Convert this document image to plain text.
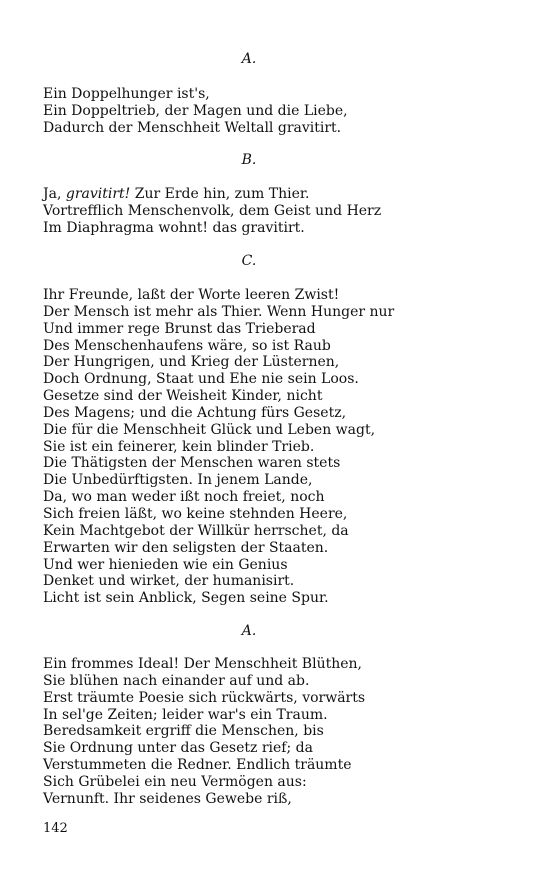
A.
Ein Doppelhunger ist's,
Ein Doppeltrieb, der Magen und die Liebe,
Dadurch der Menschheit Weltall gravitirt.
B.
Ja, gravitirt! Zur Erde hin, zum Thier.
Vortrefflich Menschenvolk, dem Geist und Herz
Im Diaphragma wohnt! das gravitirt.
C.
Ihr Freunde, laßt der Worte leeren Zwist!
Der Mensch ist mehr als Thier. Wenn Hunger nur
Und immer rege Brunst das Trieberad
Des Menschenhaufens wäre, so ist Raub
Der Hungrigen, und Krieg der Lüsternen,
Doch Ordnung, Staat und Ehe nie sein Loos.
Gesetze sind der Weisheit Kinder, nicht
Des Magens; und die Achtung fürs Gesetz,
Die für die Menschheit Glück und Leben wagt,
Sie ist ein feinerer, kein blinder Trieb.
Die Thätigsten der Menschen waren stets
Die Unbedürftigsten. In jenem Lande,
Da, wo man weder ißt noch freiet, noch
Sich freien läßt, wo keine stehnden Heere,
Kein Machtgebot der Willkür herrschet, da
Erwarten wir den seligsten der Staaten.
Und wer hienieden wie ein Genius
Denket und wirket, der humanisirt.
Licht ist sein Anblick, Segen seine Spur.
A.
Ein frommes Ideal! Der Menschheit Blüthen,
Sie blühen nach einander auf und ab.
Erst träumte Poesie sich rückwärts, vorwärts
In sel'ge Zeiten; leider war's ein Traum.
Beredsamkeit ergriff die Menschen, bis
Sie Ordnung unter das Gesetz rief; da
Verstummeten die Redner. Endlich träumte
Sich Grübelei ein neu Vermögen aus:
Vernunft. Ihr seidenes Gewebe riß,
142
